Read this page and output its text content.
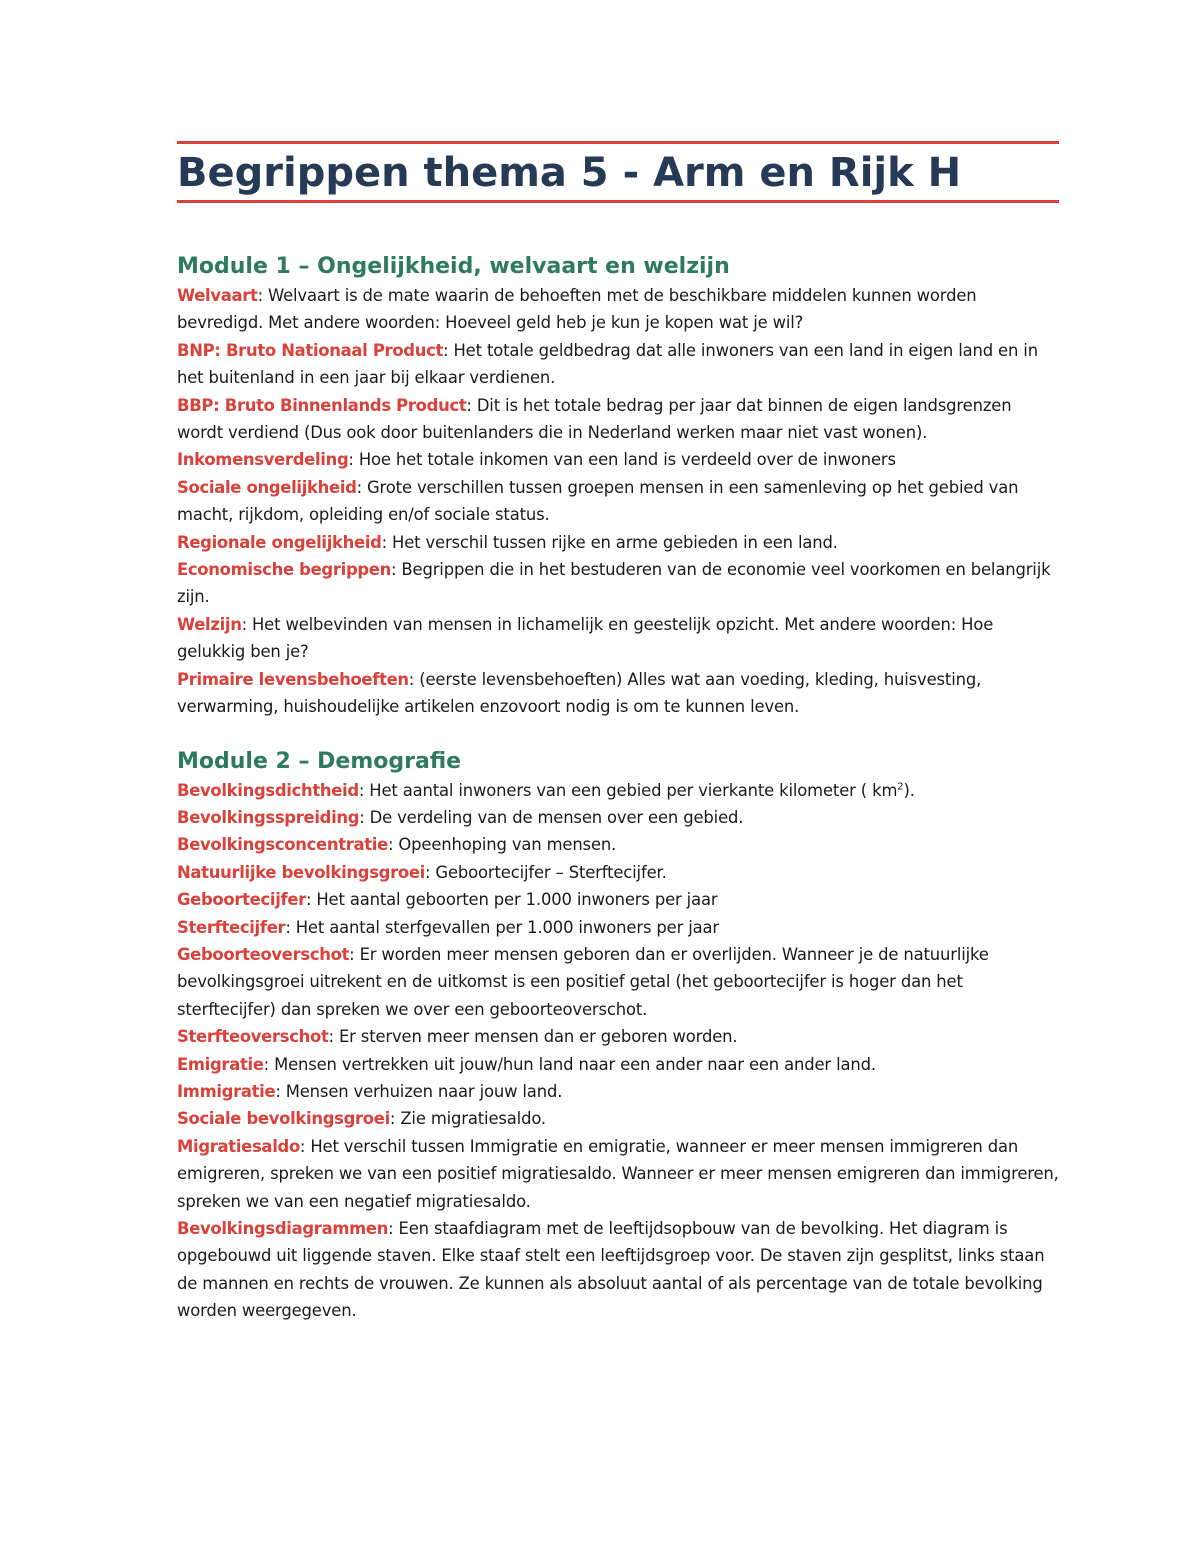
Begrippen thema 5 - Arm en Rijk H
Module 1 – Ongelijkheid, welvaart en welzijn

Welvaart: Welvaart is de mate waarin de behoeften met de beschikbare middelen kunnen worden bevredigd. Met andere woorden: Hoeveel geld heb je kun je kopen wat je wil?

BNP: Bruto Nationaal Product: Het totale geldbedrag dat alle inwoners van een land in eigen land en in het buitenland in een jaar bij elkaar verdienen.

BBP: Bruto Binnenlands Product: Dit is het totale bedrag per jaar dat binnen de eigen landsgrenzen wordt verdiend (Dus ook door buitenlanders die in Nederland werken maar niet vast wonen).

Inkomensverdeling: Hoe het totale inkomen van een land is verdeeld over de inwoners

Sociale ongelijkheid: Grote verschillen tussen groepen mensen in een samenleving op het gebied van macht, rijkdom, opleiding en/of sociale status.

Regionale ongelijkheid: Het verschil tussen rijke en arme gebieden in een land.

Economische begrippen: Begrippen die in het bestuderen van de economie veel voorkomen en belangrijk zijn.

Welzijn: Het welbevinden van mensen in lichamelijk en geestelijk opzicht. Met andere woorden: Hoe gelukkig ben je?

Primaire levensbehoeften: (eerste levensbehoeften) Alles wat aan voeding, kleding, huisvesting, verwarming, huishoudelijke artikelen enzovoort nodig is om te kunnen leven.

Module 2 – Demografie

Bevolkingsdichtheid: Het aantal inwoners van een gebied per vierkante kilometer ( $km^2$).

Bevolkingsspreiding: De verdeling van de mensen over een gebied.

Bevolkingsconcentratie: Opeenhoping van mensen.

Natuurlijke bevolkingsgroei: Geboortecijfer – Sterftecijfer.

Geboortecijfer: Het aantal geboorten per 1.000 inwoners per jaar

Sterftecijfer: Het aantal sterfgevallen per 1.000 inwoners per jaar

Geboorteoverschot: Er worden meer mensen geboren dan er overlijden. Wanneer je de natuurlijke bevolkingsgroei uitrekent en de uitkomst is een positief getal (het geboortecijfer is hoger dan het sterftecijfer) dan spreken we over een geboorteoverschot.

Sterfteoverschot: Er sterven meer mensen dan er geboren worden.

Emigratie: Mensen vertrekken uit jouw/hun land naar een ander naar een ander land.

Immigratie: Mensen verhuizen naar jouw land.

Sociale bevolkingsgroei: Zie migratiesaldo.

Migratiesaldo: Het verschil tussen Immigratie en emigratie, wanneer er meer mensen immigreren dan emigreren, spreken we van een positief migratiesaldo. Wanneer er meer mensen emigreren dan immigreren, spreken we van een negatief migratiesaldo.

Bevolkingsdiagrammen: Een staafdiagram met de leeftijdsopbouw van de bevolking. Het diagram is opgebouwd uit liggende staven. Elke staaf stelt een leeftijdsgroep voor. De staven zijn gesplitst, links staan de mannen en rechts de vrouwen. Ze kunnen als absoluut aantal of als percentage van de totale bevolking worden weergegeven.
